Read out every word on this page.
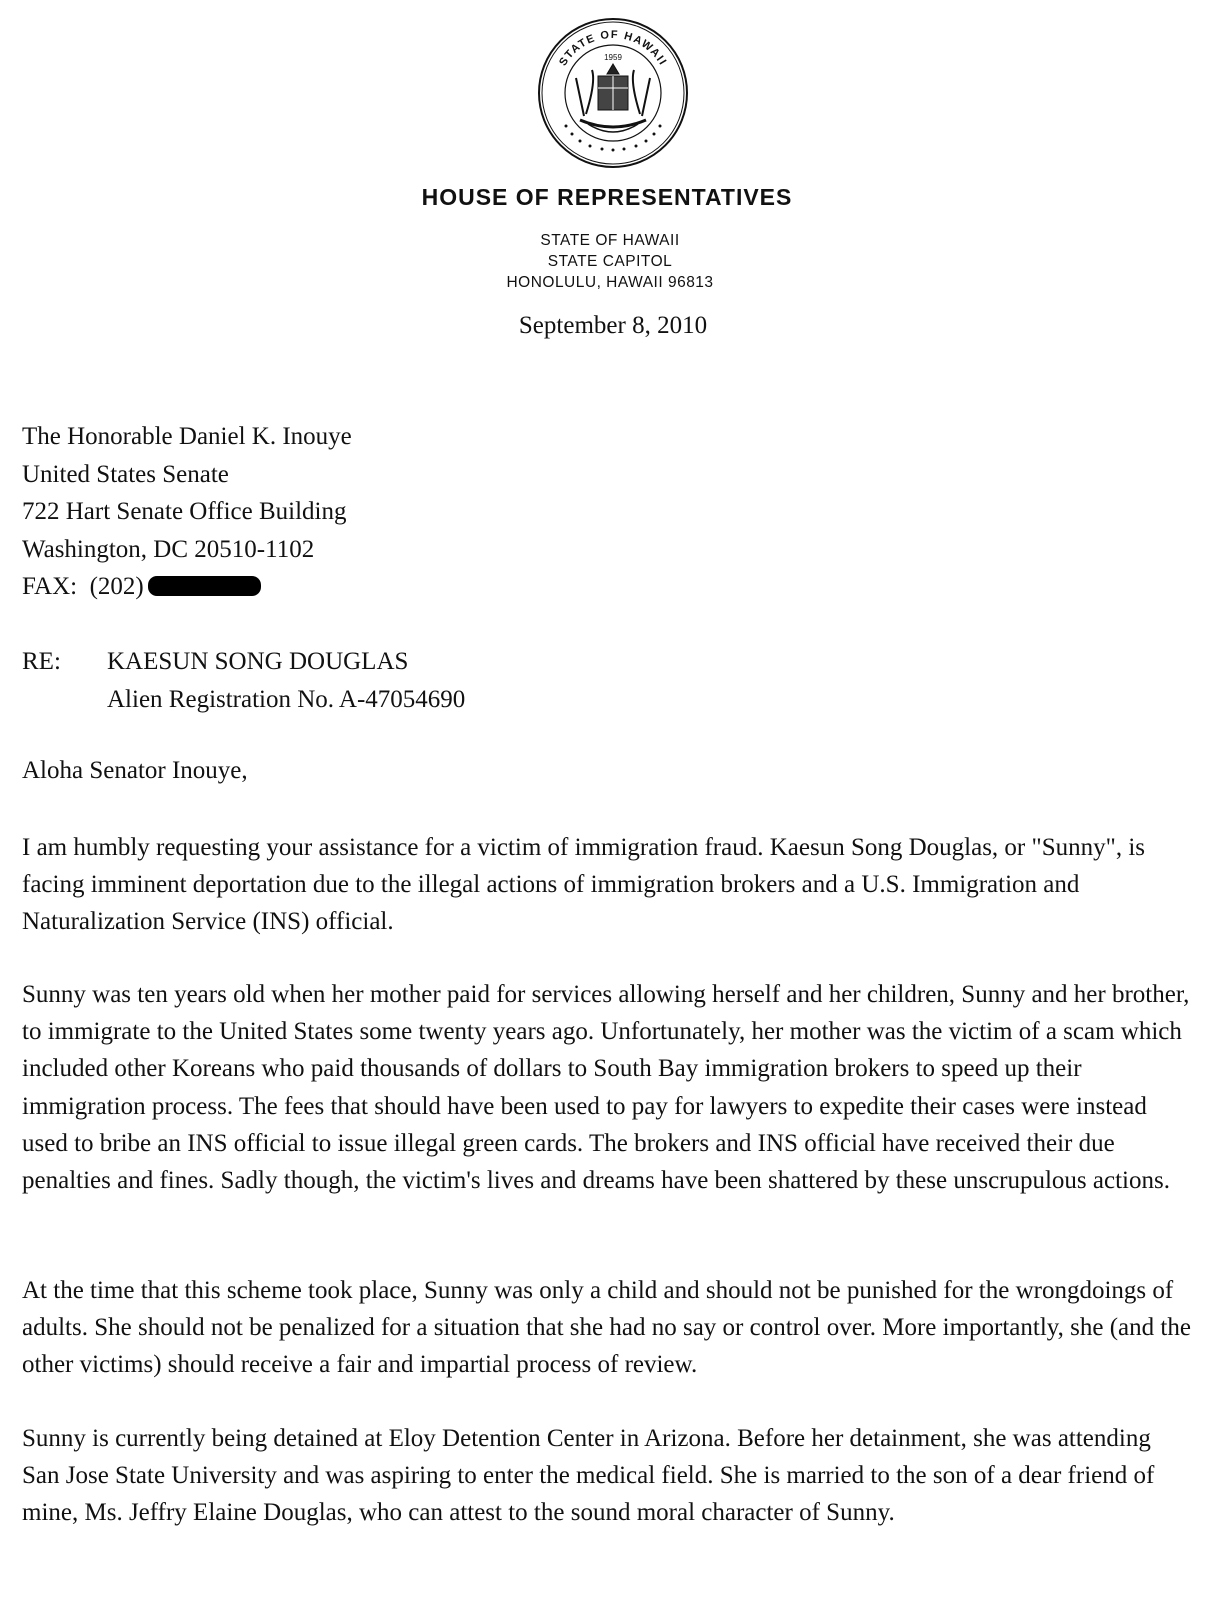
STATE OF HAWAII
1959
HOUSE OF REPRESENTATIVES
STATE OF HAWAII
STATE CAPITOL
HONOLULU, HAWAII 96813
September 8, 2010
The Honorable Daniel K. Inouye
United States Senate
722 Hart Senate Office Building
Washington, DC 20510-1102
FAX: (202)
RE:	KAESUN SONG DOUGLAS
Alien Registration No. A-47054690
Aloha Senator Inouye,

I am humbly requesting your assistance for a victim of immigration fraud. Kaesun Song Douglas, or "Sunny", is facing imminent deportation due to the illegal actions of immigration brokers and a U.S. Immigration and Naturalization Service (INS) official.

Sunny was ten years old when her mother paid for services allowing herself and her children, Sunny and her brother, to immigrate to the United States some twenty years ago. Unfortunately, her mother was the victim of a scam which included other Koreans who paid thousands of dollars to South Bay immigration brokers to speed up their immigration process. The fees that should have been used to pay for lawyers to expedite their cases were instead used to bribe an INS official to issue illegal green cards. The brokers and INS official have received their due penalties and fines. Sadly though, the victim's lives and dreams have been shattered by these unscrupulous actions.

At the time that this scheme took place, Sunny was only a child and should not be punished for the wrongdoings of adults. She should not be penalized for a situation that she had no say or control over. More importantly, she (and the other victims) should receive a fair and impartial process of review.

Sunny is currently being detained at Eloy Detention Center in Arizona. Before her detainment, she was attending San Jose State University and was aspiring to enter the medical field. She is married to the son of a dear friend of mine, Ms. Jeffry Elaine Douglas, who can attest to the sound moral character of Sunny.
